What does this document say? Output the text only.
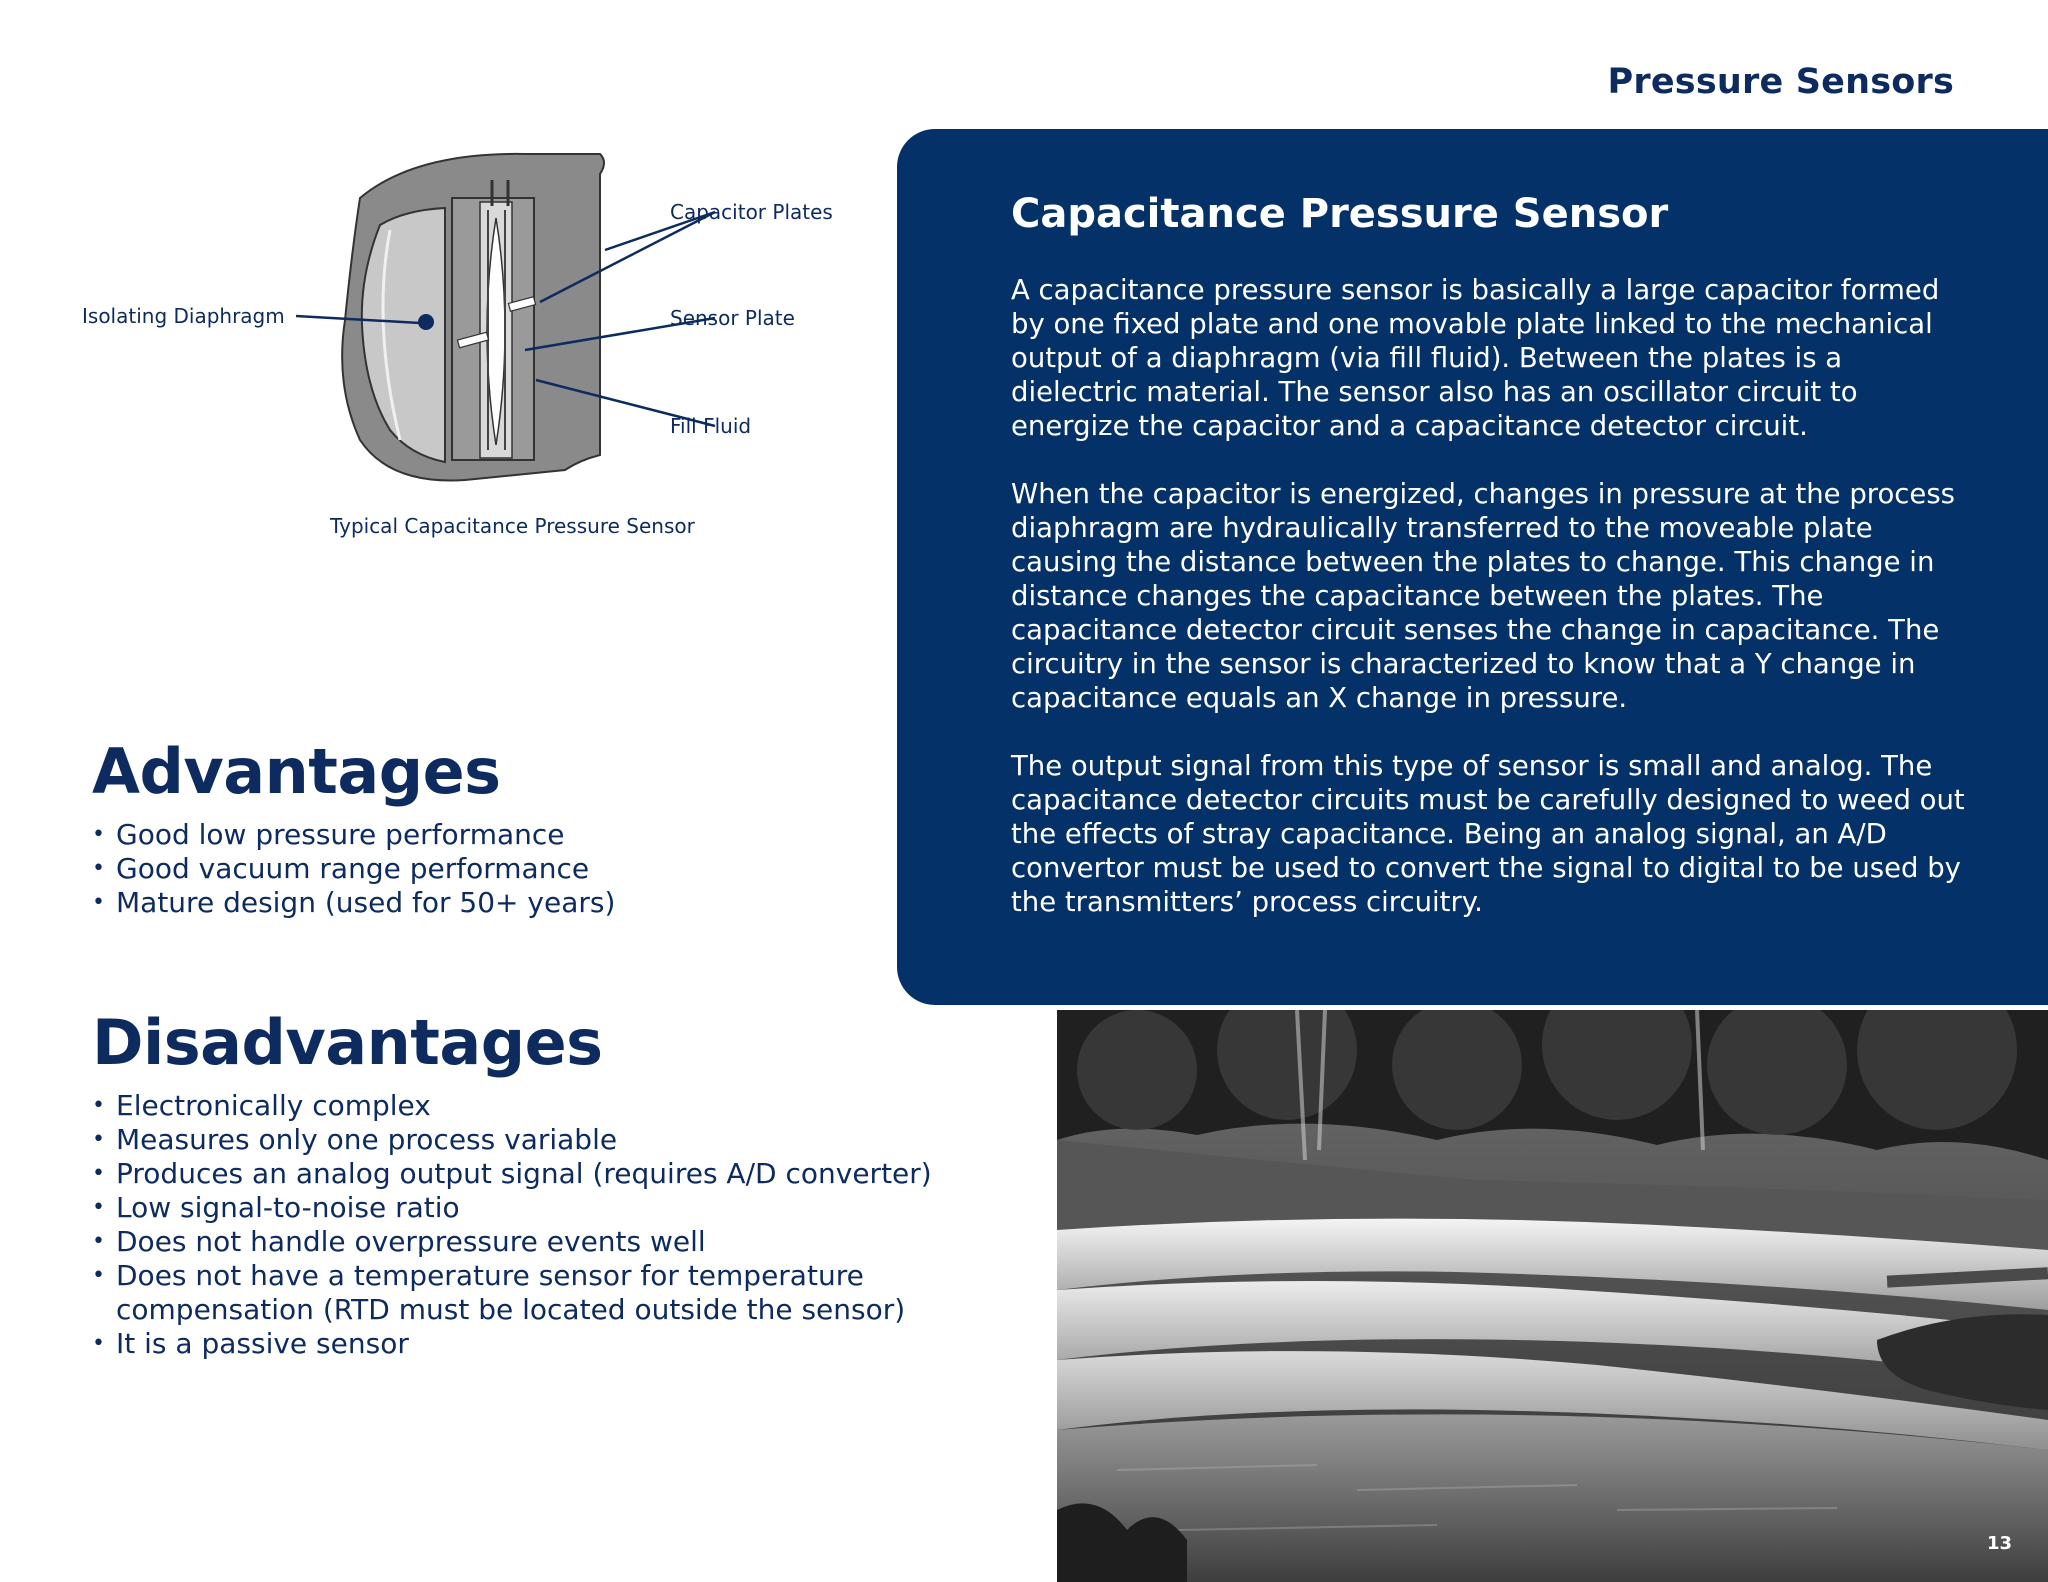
Pressure Sensors
Capacitor Plates
Isolating Diaphragm	Sensor Plate
Fill Fluid
Typical Capacitance Pressure Sensor
Capacitance Pressure Sensor

A capacitance pressure sensor is basically a large capacitor formed by one fixed plate and one movable plate linked to the mechanical output of a diaphragm (via fill fluid). Between the plates is a dielectric material. The sensor also has an oscillator circuit to energize the capacitor and a capacitance detector circuit.

When the capacitor is energized, changes in pressure at the process diaphragm are hydraulically transferred to the moveable plate causing the distance between the plates to change. This change in distance changes the capacitance between the plates. The capacitance detector circuit senses the change in capacitance. The circuitry in the sensor is characterized to know that a Y change in capacitance equals an X change in pressure.

The output signal from this type of sensor is small and analog. The capacitance detector circuits must be carefully designed to weed out the effects of stray capacitance. Being an analog signal, an A/D convertor must be used to convert the signal to digital to be used by the transmitters’ process circuitry.

Advantages
• Good low pressure performance
• Good vacuum range performance
• Mature design (used for 50+ years)
Disadvantages
• Electronically complex
• Measures only one process variable
• Produces an analog output signal (requires A/D converter)
• Low signal-to-noise ratio
• Does not handle overpressure events well
• Does not have a temperature sensor for temperature compensation (RTD must be located outside the sensor)
• It is a passive sensor
13
